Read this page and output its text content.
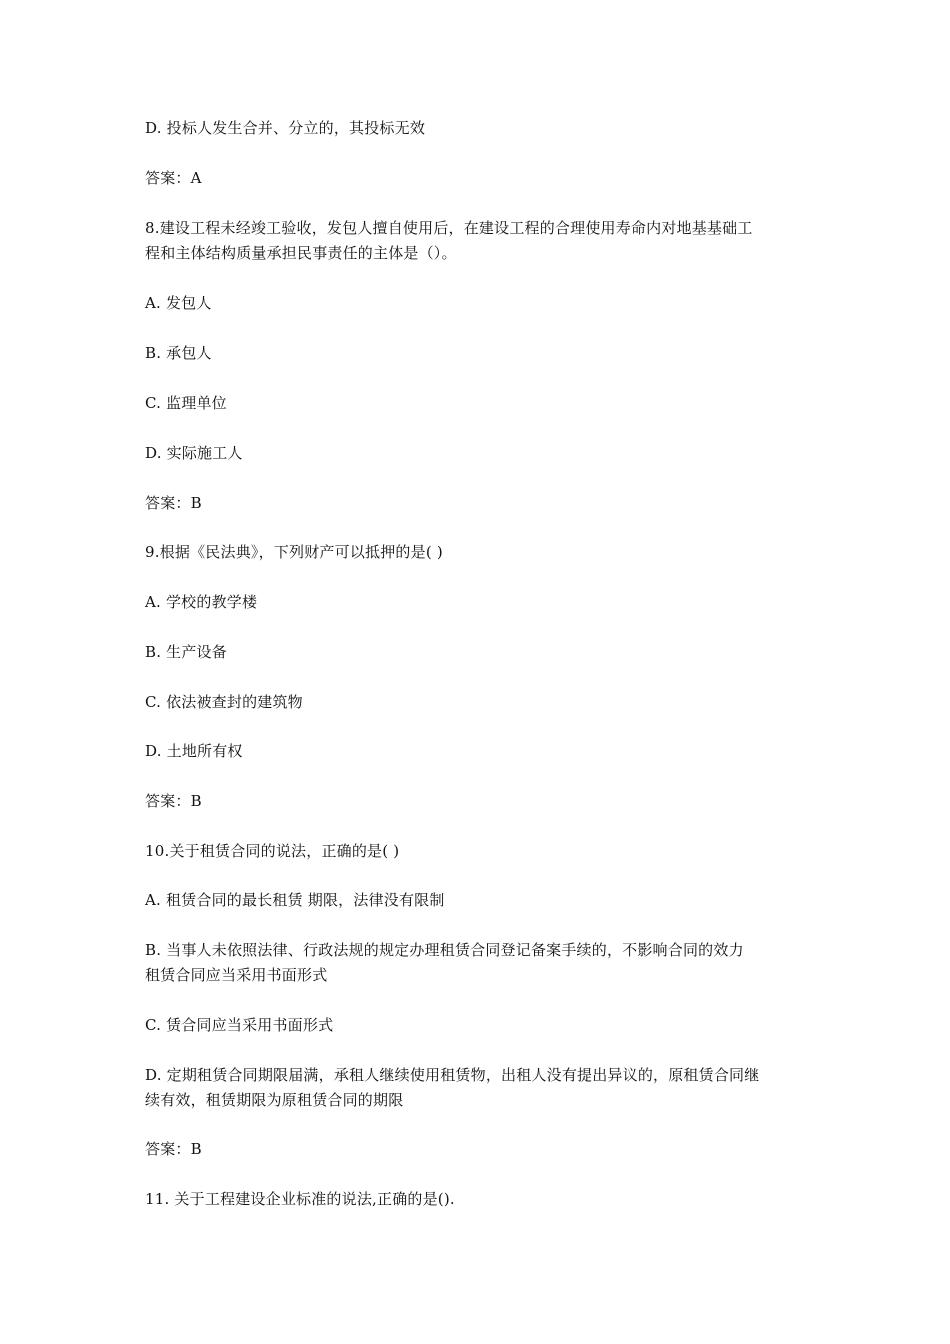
D. 投标人发生合并、分立的，其投标无效
答案：A
8.建设工程未经竣工验收，发包人擅自使用后，在建设工程的合理使用寿命内对地基基础工
程和主体结构质量承担民事责任的主体是（）。
A. 发包人
B. 承包人
C. 监理单位
D. 实际施工人
答案：B
9.根据《民法典》，下列财产可以抵押的是( )
A. 学校的教学楼
B. 生产设备
C. 依法被查封的建筑物
D. 土地所有权
答案：B
10.关于租赁合同的说法，正确的是( )
A. 租赁合同的最长租赁 期限，法律没有限制
B. 当事人未依照法律、行政法规的规定办理租赁合同登记备案手续的，不影响合同的效力
租赁合同应当采用书面形式
C. 赁合同应当采用书面形式
D. 定期租赁合同期限届满，承租人继续使用租赁物，出租人没有提出异议的，原租赁合同继
续有效，租赁期限为原租赁合同的期限
答案：B
11. 关于工程建设企业标准的说法,正确的是().
